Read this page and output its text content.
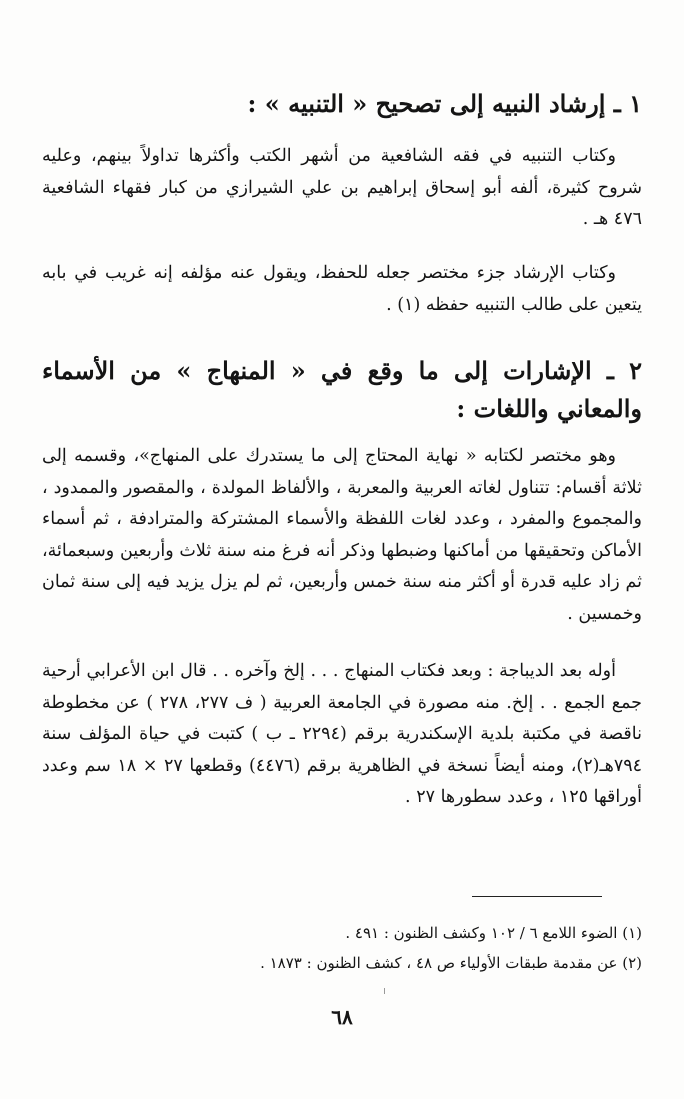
١ ـ إرشاد النبيه إلى تصحيح « التنبيه » :

وكتاب التنبيه في فقه الشافعية من أشهر الكتب وأكثرها تداولاً بينهم، وعليه شروح كثيرة، ألفه أبو إسحاق إبراهيم بن علي الشيرازي من كبار فقهاء الشافعية ٤٧٦ هـ .

وكتاب الإرشاد جزء مختصر جعله للحفظ، ويقول عنه مؤلفه إنه غريب في بابه يتعين على طالب التنبيه حفظه (١) .

٢ ـ الإشارات إلى ما وقع في « المنهاج » من الأسماء والمعاني واللغات :

وهو مختصر لكتابه « نهاية المحتاج إلى ما يستدرك على المنهاج»، وقسمه إلى ثلاثة أقسام: تتناول لغاته العربية والمعربة ، والألفاظ المولدة ، والمقصور والممدود ، والمجموع والمفرد ، وعدد لغات اللفظة والأسماء المشتركة والمترادفة ، ثم أسماء الأماكن وتحقيقها من أماكنها وضبطها وذكر أنه فرغ منه سنة ثلاث وأربعين وسبعمائة، ثم زاد عليه قدرة أو أكثر منه سنة خمس وأربعين، ثم لم يزل يزيد فيه إلى سنة ثمان وخمسين .

أوله بعد الديباجة : وبعد فكتاب المنهاج . . . إلخ وآخره . . قال ابن الأعرابي أرحية جمع الجمع . . إلخ. منه مصورة في الجامعة العربية ( ف ٢٧٧، ٢٧٨ ) عن مخطوطة ناقصة في مكتبة بلدية الإسكندرية برقم (٢٢٩٤ ـ ب ) كتبت في حياة المؤلف سنة ٧٩٤هـ(٢)، ومنه أيضاً نسخة في الظاهرية برقم (٤٤٧٦) وقطعها ٢٧ × ١٨ سم وعدد أوراقها ١٢٥ ، وعدد سطورها ٢٧ .

(١) الضوء اللامع ٦ / ١٠٢ وكشف الظنون : ٤٩١ .
(٢) عن مقدمة طبقات الأولياء ص ٤٨ ، كشف الظنون : ١٨٧٣ .
٦٨
